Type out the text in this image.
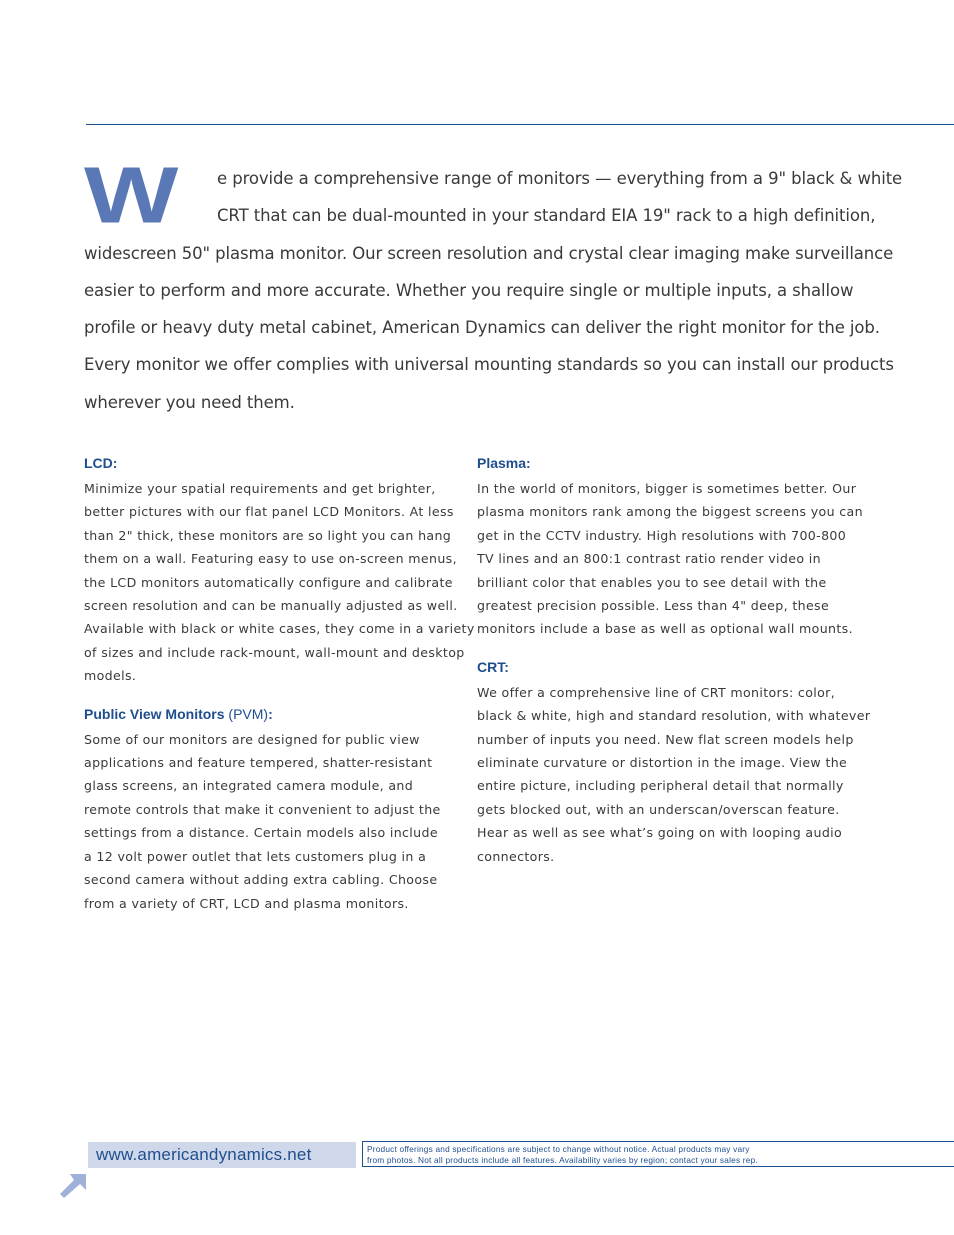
W	e provide a comprehensive range of monitors — everything from a 9" black & white
CRT that can be dual-mounted in your standard EIA 19" rack to a high definition,
widescreen 50" plasma monitor. Our screen resolution and crystal clear imaging make surveillance
easier to perform and more accurate. Whether you require single or multiple inputs, a shallow
profile or heavy duty metal cabinet, American Dynamics can deliver the right monitor for the job.
Every monitor we offer complies with universal mounting standards so you can install our products
wherever you need them.
LCD:
Minimize your spatial requirements and get brighter,
better pictures with our flat panel LCD Monitors. At less
than 2" thick, these monitors are so light you can hang
them on a wall. Featuring easy to use on-screen menus,
the LCD monitors automatically configure and calibrate
screen resolution and can be manually adjusted as well.
Available with black or white cases, they come in a variety
of sizes and include rack-mount, wall-mount and desktop
models.
Public View Monitors (PVM):
Some of our monitors are designed for public view
applications and feature tempered, shatter-resistant
glass screens, an integrated camera module, and
remote controls that make it convenient to adjust the
settings from a distance. Certain models also include
a 12 volt power outlet that lets customers plug in a
second camera without adding extra cabling. Choose
from a variety of CRT, LCD and plasma monitors.
Plasma:
In the world of monitors, bigger is sometimes better. Our
plasma monitors rank among the biggest screens you can
get in the CCTV industry. High resolutions with 700-800
TV lines and an 800:1 contrast ratio render video in
brilliant color that enables you to see detail with the
greatest precision possible. Less than 4" deep, these
monitors include a base as well as optional wall mounts.
CRT:
We offer a comprehensive line of CRT monitors: color,
black & white, high and standard resolution, with whatever
number of inputs you need. New flat screen models help
eliminate curvature or distortion in the image. View the
entire picture, including peripheral detail that normally
gets blocked out, with an underscan/overscan feature.
Hear as well as see what’s going on with looping audio
connectors.
www.americandynamics.net	Product offerings and specifications are subject to change without notice. Actual products may vary
from photos. Not all products include all features. Availability varies by region; contact your sales rep.
